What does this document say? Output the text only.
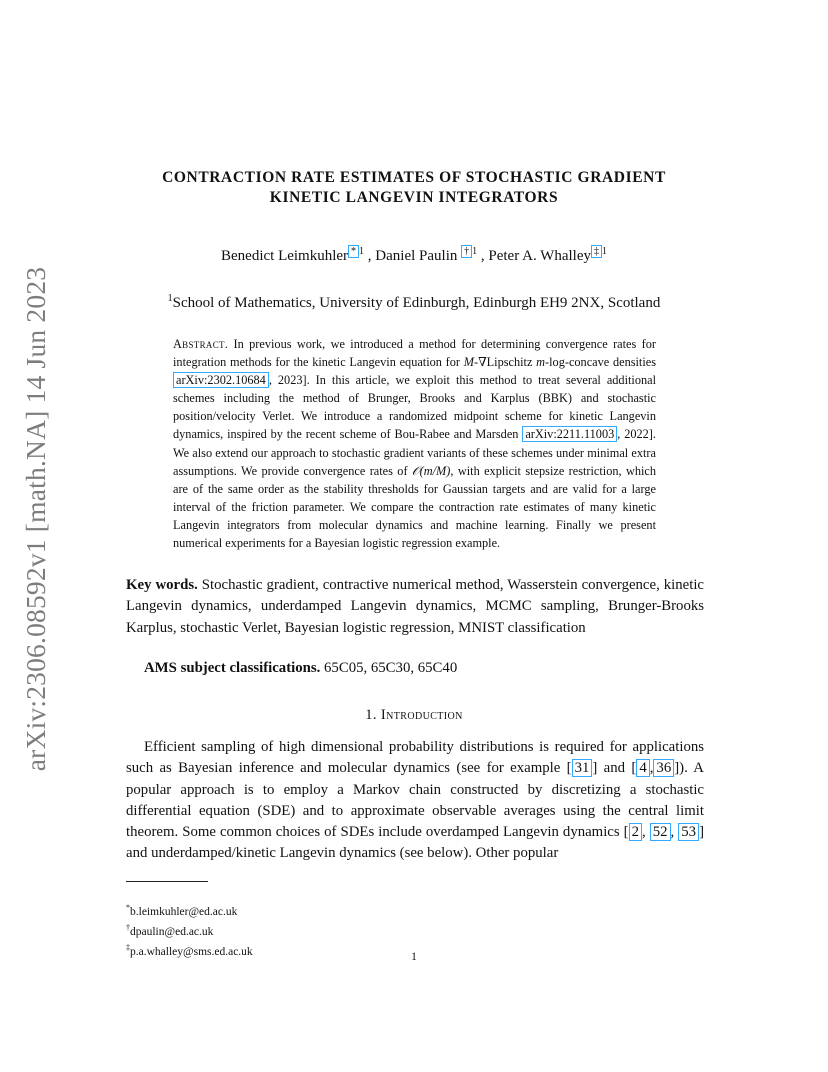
arXiv:2306.08592v1 [math.NA] 14 Jun 2023
CONTRACTION RATE ESTIMATES OF STOCHASTIC GRADIENT
KINETIC LANGEVIN INTEGRATORS
Benedict Leimkuhler $^{* 1}$ , Daniel Paulin $^{\dagger 1}$ , Peter A. Whalley $^{\ddagger 1}$
$^1$School of Mathematics, University of Edinburgh, Edinburgh EH9 2NX, Scotland
Abstract. In previous work, we introduced a method for determining convergence rates for integration methods for the kinetic Langevin equation for M-∇Lipschitz m-log-concave densities arXiv:2302.10684 , 2023]. In this article, we exploit this method to treat several additional schemes including the method of Brunger, Brooks and Karplus (BBK) and stochastic position/velocity Verlet. We introduce a randomized midpoint scheme for kinetic Langevin dynamics, inspired by the recent scheme of Bou-Rabee and Marsden arXiv:2211.11003 , 2022]. We also extend our approach to stochastic gradient variants of these schemes under minimal extra assumptions. We provide convergence rates of 𝒪(m/M), with explicit stepsize restriction, which are of the same order as the stability thresholds for Gaussian targets and are valid for a large interval of the friction parameter. We compare the contraction rate estimates of many kinetic Langevin integrators from molecular dynamics and machine learning. Finally we present numerical experiments for a Bayesian logistic regression example.
Key words. Stochastic gradient, contractive numerical method, Wasserstein convergence, kinetic Langevin dynamics, underdamped Langevin dynamics, MCMC sampling, Brunger-Brooks Karplus, stochastic Verlet, Bayesian logistic regression, MNIST classification
AMS subject classifications. 65C05, 65C30, 65C40
1. Introduction
Efficient sampling of high dimensional probability distributions is required for applications such as Bayesian inference and molecular dynamics (see for example [ 31 ] and [ 4 , 36 ]). A popular approach is to employ a Markov chain constructed by discretizing a stochastic differential equation (SDE) and to approximate observable averages using the central limit theorem. Some common choices of SDEs include overdamped Langevin dynamics [ 2 , 52 , 53 ] and underdamped/kinetic Langevin dynamics (see below). Other popular
*b.leimkuhler@ed.ac.uk
†dpaulin@ed.ac.uk
‡p.a.whalley@sms.ed.ac.uk	1
